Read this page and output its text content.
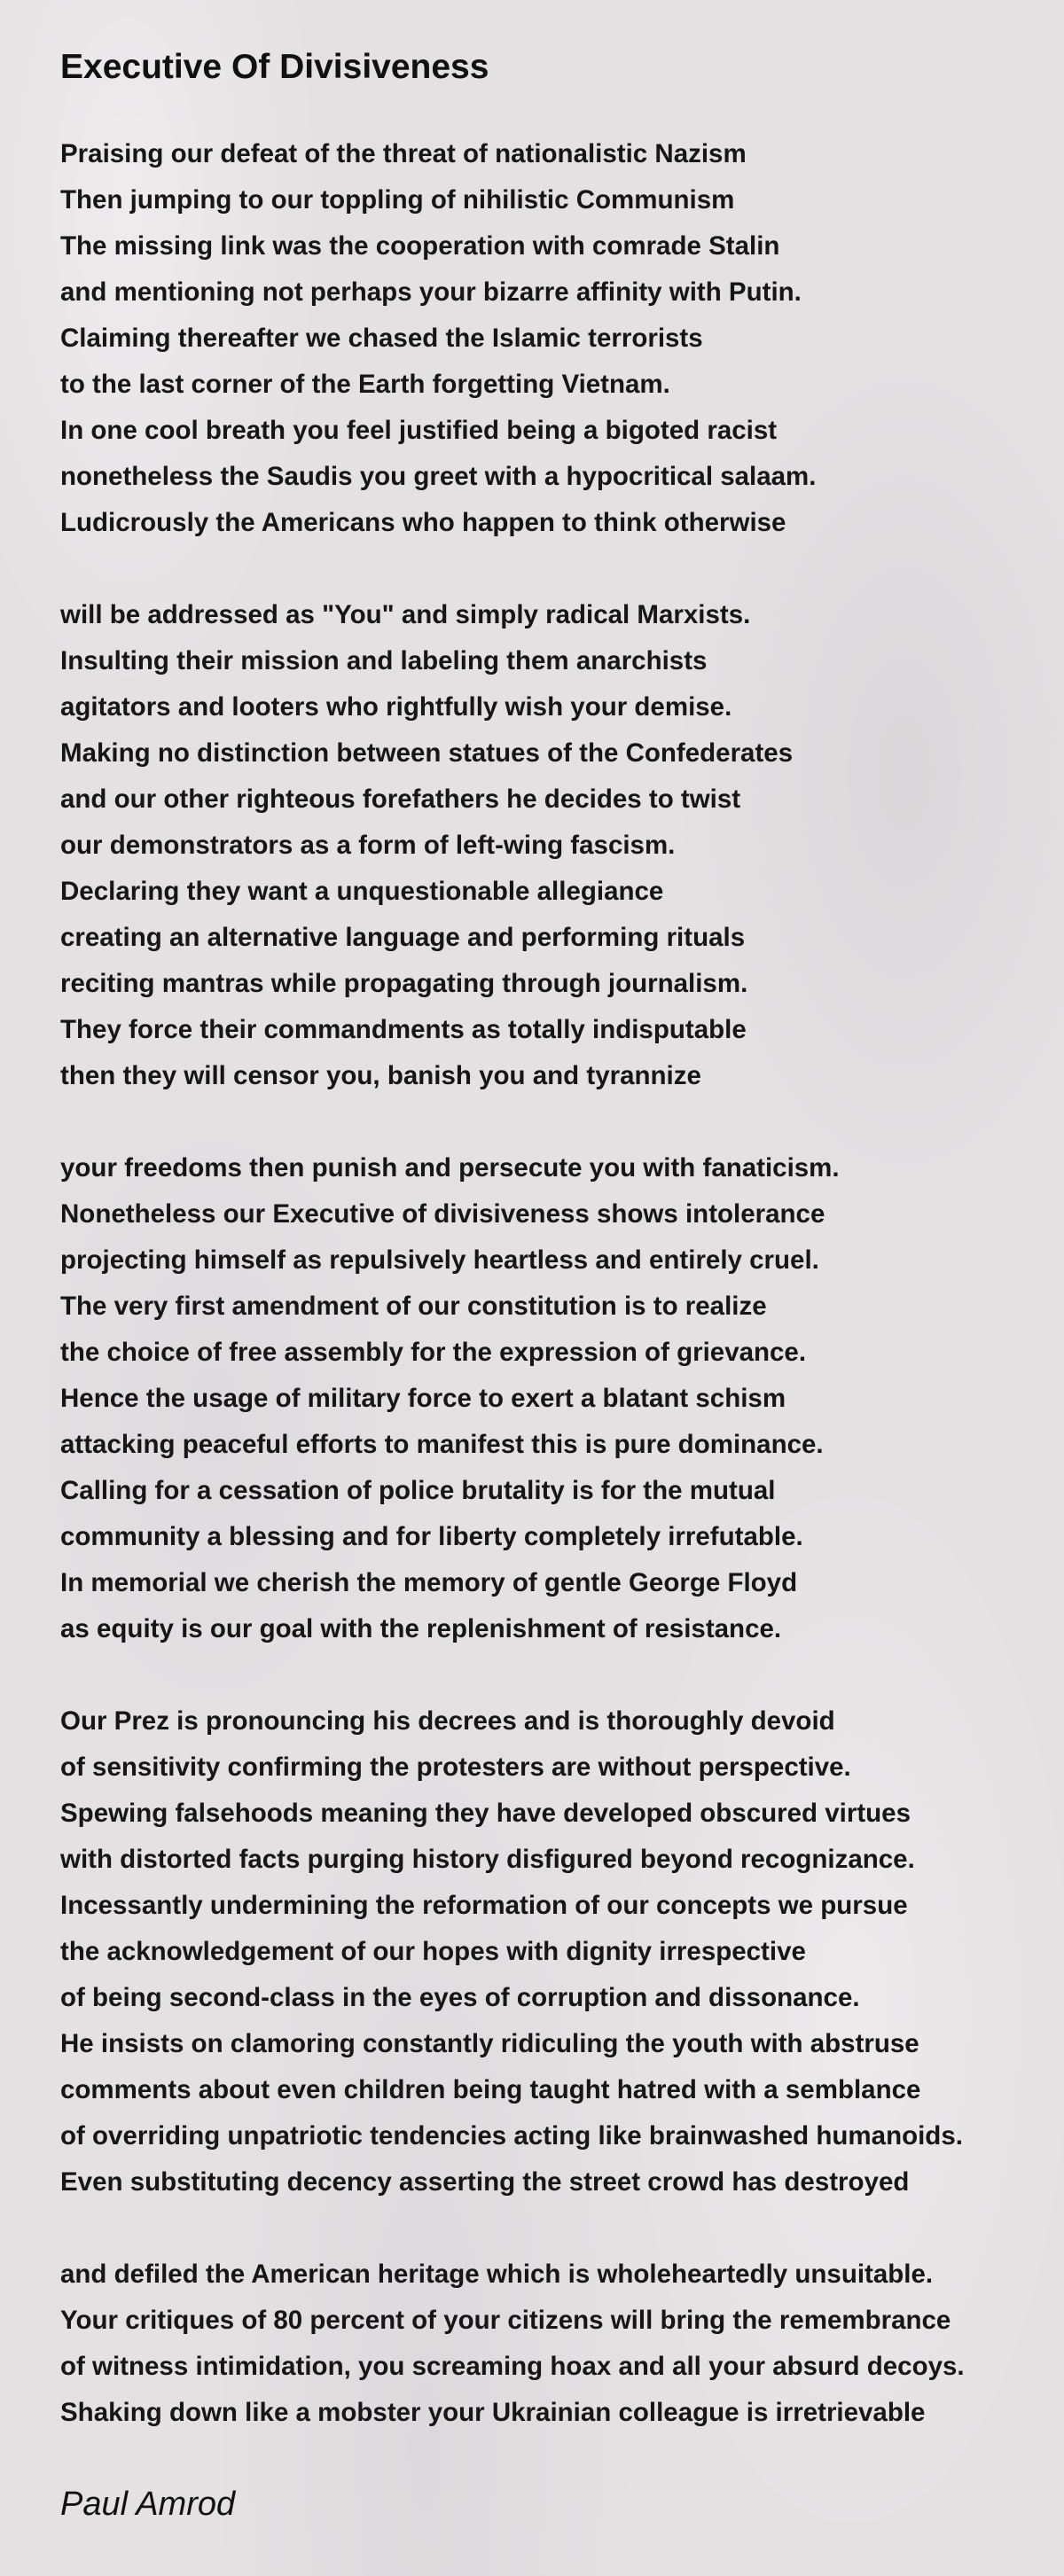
Executive Of Divisiveness
Praising our defeat of the threat of nationalistic Nazism
Then jumping to our toppling of nihilistic Communism
The missing link was the cooperation with comrade Stalin
and mentioning not perhaps your bizarre affinity with Putin.
Claiming thereafter we chased the Islamic terrorists
to the last corner of the Earth forgetting Vietnam.
In one cool breath you feel justified being a bigoted racist
nonetheless the Saudis you greet with a hypocritical salaam.
Ludicrously the Americans who happen to think otherwise
will be addressed as "You" and simply radical Marxists.
Insulting their mission and labeling them anarchists
agitators and looters who rightfully wish your demise.
Making no distinction between statues of the Confederates
and our other righteous forefathers he decides to twist
our demonstrators as a form of left-wing fascism.
Declaring they want a unquestionable allegiance
creating an alternative language and performing rituals
reciting mantras while propagating through journalism.
They force their commandments as totally indisputable
then they will censor you, banish you and tyrannize
your freedoms then punish and persecute you with fanaticism.
Nonetheless our Executive of divisiveness shows intolerance
projecting himself as repulsively heartless and entirely cruel.
The very first amendment of our constitution is to realize
the choice of free assembly for the expression of grievance.
Hence the usage of military force to exert a blatant schism
attacking peaceful efforts to manifest this is pure dominance.
Calling for a cessation of police brutality is for the mutual
community a blessing and for liberty completely irrefutable.
In memorial we cherish the memory of gentle George Floyd
as equity is our goal with the replenishment of resistance.
Our Prez is pronouncing his decrees and is thoroughly devoid
of sensitivity confirming the protesters are without perspective.
Spewing falsehoods meaning they have developed obscured virtues
with distorted facts purging history disfigured beyond recognizance.
Incessantly undermining the reformation of our concepts we pursue
the acknowledgement of our hopes with dignity irrespective
of being second-class in the eyes of corruption and dissonance.
He insists on clamoring constantly ridiculing the youth with abstruse
comments about even children being taught hatred with a semblance
of overriding unpatriotic tendencies acting like brainwashed humanoids.
Even substituting decency asserting the street crowd has destroyed
and defiled the American heritage which is wholeheartedly unsuitable.
Your critiques of 80 percent of your citizens will bring the remembrance
of witness intimidation, you screaming hoax and all your absurd decoys.
Shaking down like a mobster your Ukrainian colleague is irretrievable
Paul Amrod
